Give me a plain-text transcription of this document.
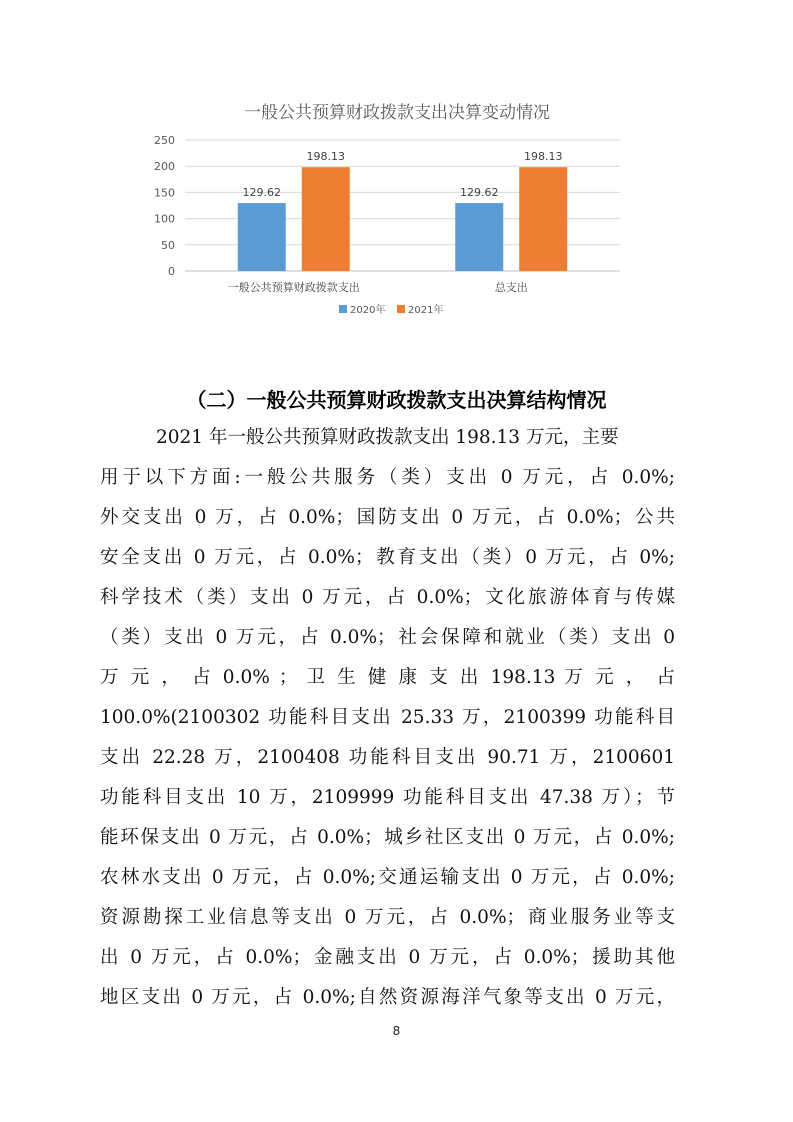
一般公共预算财政拨款支出决算变动情况
0
50
100
150
200
250
129.62
198.13
129.62
198.13
一般公共预算财政拨款支出	总支出
2020年 2021年
（二）一般公共预算财政拨款支出决算结构情况
2021 年一般公共预算财政拨款支出 198.13 万元，主要
用于以下方面:一般公共服务（类）支出 0 万元，占 0.0%;
外交支出 0 万，占 0.0%；国防支出 0 万元，占 0.0%；公共
安全支出 0 万元，占 0.0%；教育支出（类）0 万元，占 0%;
科学技术（类）支出 0 万元，占 0.0%；文化旅游体育与传媒
（类）支出 0 万元，占 0.0%；社会保障和就业（类）支出 0
万 元 ， 占 0.0% ； 卫 生 健 康 支 出 198.13 万 元 ， 占
100.0%(2100302 功能科目支出 25.33 万，2100399 功能科目
支出 22.28 万，2100408 功能科目支出 90.71 万，2100601
功能科目支出 10 万，2109999 功能科目支出 47.38 万）；节
能环保支出 0 万元，占 0.0%；城乡社区支出 0 万元，占 0.0%;
农林水支出 0 万元，占 0.0%;交通运输支出 0 万元，占 0.0%;
资源勘探工业信息等支出 0 万元，占 0.0%；商业服务业等支
出 0 万元，占 0.0%；金融支出 0 万元，占 0.0%；援助其他
地区支出 0 万元，占 0.0%;自然资源海洋气象等支出 0 万元，
8
